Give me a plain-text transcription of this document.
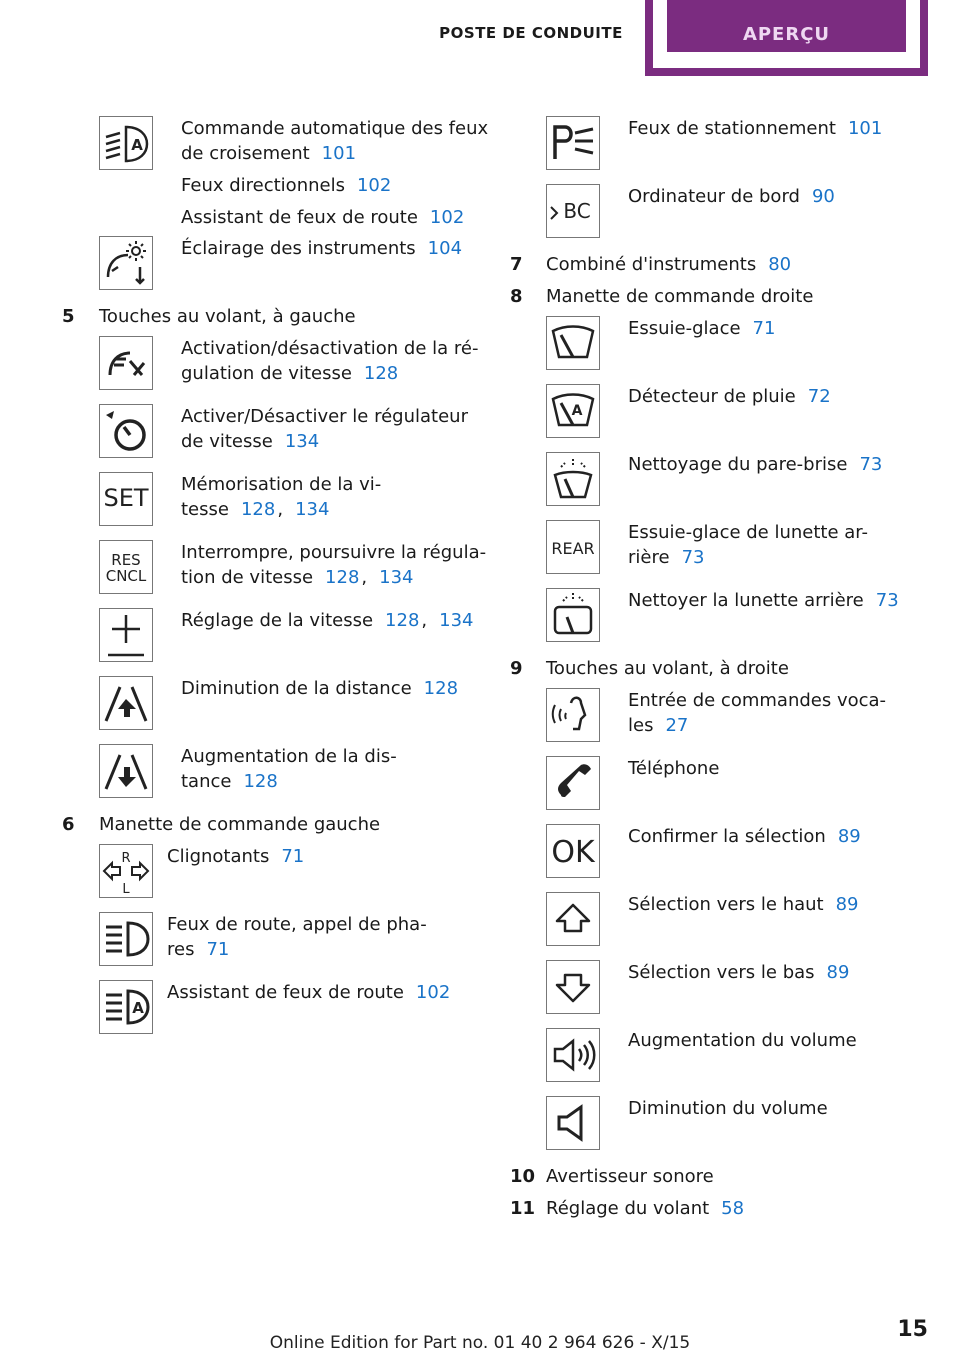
POSTE DE CONDUITE	APERÇU
A
Commande automatique des feux
de croisement 101
Feux directionnels 102
Assistant de feux de route 102
Éclairage des instruments 104
5 Touches au volant, à gauche
Activation/désactivation de la ré-
gulation de vitesse 128
Activer/Désactiver le régulateur
de vitesse 134
SET Mémorisation de la vi-
tesse 128 , 134
RES
CNCL
Interrompre, poursuivre la régula-
tion de vitesse 128 , 134
Réglage de la vitesse 128 , 134
Diminution de la distance 128
Augmentation de la dis-
tance 128
6 Manette de commande gauche
R
L
Clignotants 71
Feux de route, appel de pha-
res 71
A
Assistant de feux de route 102
Feux de stationnement 101
BC
Ordinateur de bord 90
7 Combiné d'instruments 80
8 Manette de commande droite
Essuie-glace 71
A
Détecteur de pluie 72
Nettoyage du pare-brise 73
REAR
Essuie-glace de lunette ar-
rière 73
Nettoyer la lunette arrière 73
9 Touches au volant, à droite
Entrée de commandes voca-
les 27
Téléphone
OK Confirmer la sélection 89
Sélection vers le haut 89
Sélection vers le bas 89
Augmentation du volume
Diminution du volume
10 Avertisseur sonore
11 Réglage du volant 58
Online Edition for Part no. 01 40 2 964 626 - X/15
15
